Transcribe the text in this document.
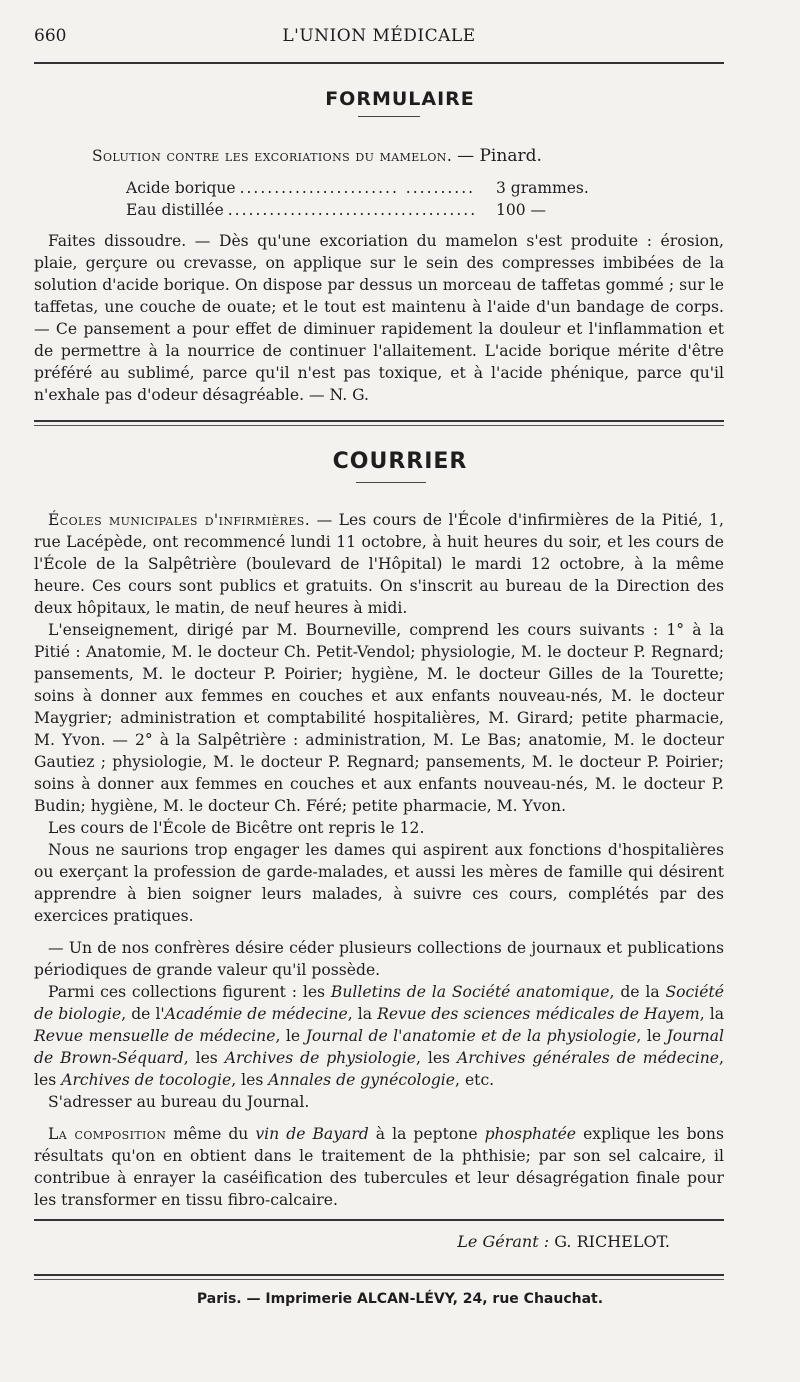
660	L'UNION MÉDICALE
FORMULAIRE
Solution contre les excoriations du mamelon. — Pinard.
Acide borique ....................... ..........	3 grammes.
Eau distillée ....................................	100 —

Faites dissoudre. — Dès qu'une excoriation du mamelon s'est produite : érosion, plaie, gerçure ou crevasse, on applique sur le sein des compresses imbibées de la solution d'acide borique. On dispose par dessus un morceau de taffetas gommé ; sur le taffetas, une couche de ouate; et le tout est maintenu à l'aide d'un bandage de corps. — Ce pansement a pour effet de diminuer rapidement la douleur et l'inflammation et de permettre à la nourrice de continuer l'allaitement. L'acide borique mérite d'être préféré au sublimé, parce qu'il n'est pas toxique, et à l'acide phénique, parce qu'il n'exhale pas d'odeur désagréable. — N. G.

COURRIER

Écoles municipales d'infirmières. — Les cours de l'École d'infirmières de la Pitié, 1, rue Lacépède, ont recommencé lundi 11 octobre, à huit heures du soir, et les cours de l'École de la Salpêtrière (boulevard de l'Hôpital) le mardi 12 octobre, à la même heure. Ces cours sont publics et gratuits. On s'inscrit au bureau de la Direction des deux hôpitaux, le matin, de neuf heures à midi.

L'enseignement, dirigé par M. Bourneville, comprend les cours suivants : 1° à la Pitié : Anatomie, M. le docteur Ch. Petit-Vendol; physiologie, M. le docteur P. Regnard; pansements, M. le docteur P. Poirier; hygiène, M. le docteur Gilles de la Tourette; soins à donner aux femmes en couches et aux enfants nouveau-nés, M. le docteur Maygrier; administration et comptabilité hospitalières, M. Girard; petite pharmacie, M. Yvon. — 2° à la Salpêtrière : administration, M. Le Bas; anatomie, M. le docteur Gautiez ; physiologie, M. le docteur P. Regnard; pansements, M. le docteur P. Poirier; soins à donner aux femmes en couches et aux enfants nouveau-nés, M. le docteur P. Budin; hygiène, M. le docteur Ch. Féré; petite pharmacie, M. Yvon.

Les cours de l'École de Bicêtre ont repris le 12.

Nous ne saurions trop engager les dames qui aspirent aux fonctions d'hospitalières ou exerçant la profession de garde-malades, et aussi les mères de famille qui désirent apprendre à bien soigner leurs malades, à suivre ces cours, complétés par des exercices pratiques.

— Un de nos confrères désire céder plusieurs collections de journaux et publications périodiques de grande valeur qu'il possède.

Parmi ces collections figurent : les Bulletins de la Société anatomique, de la Société de biologie, de l'Académie de médecine, la Revue des sciences médicales de Hayem, la Revue mensuelle de médecine, le Journal de l'anatomie et de la physiologie, le Journal de Brown-Séquard, les Archives de physiologie, les Archives générales de médecine, les Archives de tocologie, les Annales de gynécologie, etc.

S'adresser au bureau du Journal.

La composition même du vin de Bayard à la peptone phosphatée explique les bons résultats qu'on en obtient dans le traitement de la phthisie; par son sel calcaire, il contribue à enrayer la caséification des tubercules et leur désagrégation finale pour les transformer en tissu fibro-calcaire.

Le Gérant : G. RICHELOT.
Paris. — Imprimerie ALCAN-LÉVY, 24, rue Chauchat.
